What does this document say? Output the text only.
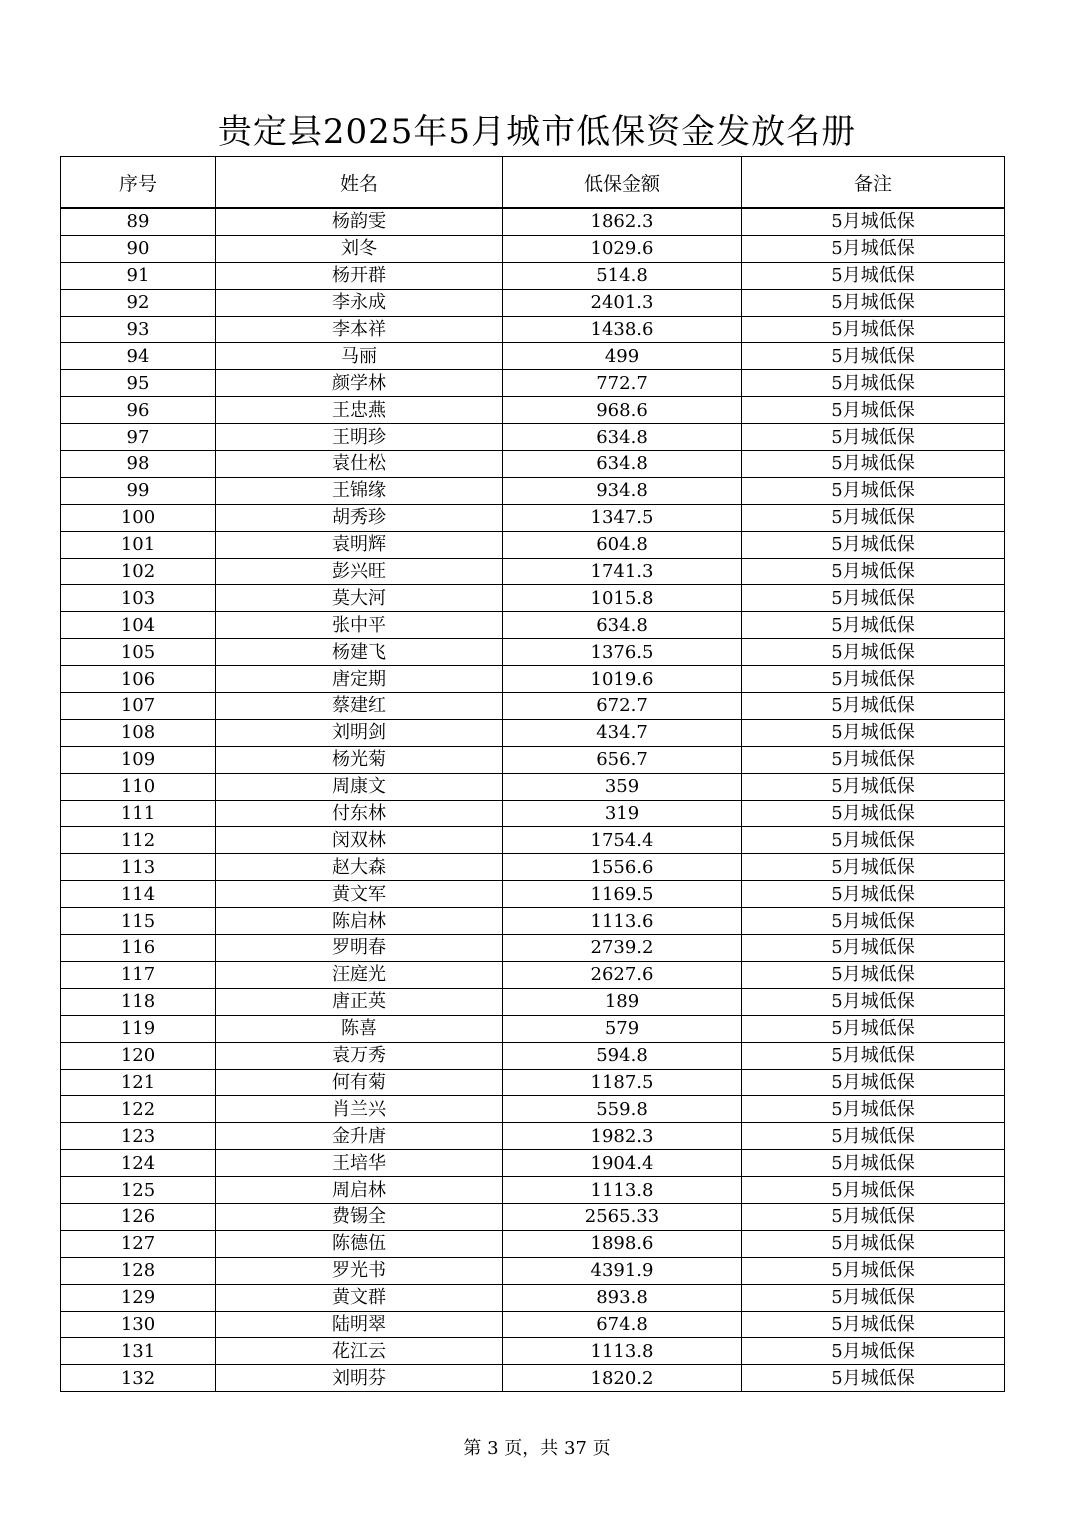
贵定县2025年5月城市低保资金发放名册
序号	姓名	低保金额	备注
89	杨韵雯	1862.3	5月城低保
90	刘冬	1029.6	5月城低保
91	杨开群	514.8	5月城低保
92	李永成	2401.3	5月城低保
93	李本祥	1438.6	5月城低保
94	马丽	499	5月城低保
95	颜学林	772.7	5月城低保
96	王忠燕	968.6	5月城低保
97	王明珍	634.8	5月城低保
98	袁仕松	634.8	5月城低保
99	王锦缘	934.8	5月城低保
100	胡秀珍	1347.5	5月城低保
101	袁明辉	604.8	5月城低保
102	彭兴旺	1741.3	5月城低保
103	莫大河	1015.8	5月城低保
104	张中平	634.8	5月城低保
105	杨建飞	1376.5	5月城低保
106	唐定期	1019.6	5月城低保
107	蔡建红	672.7	5月城低保
108	刘明剑	434.7	5月城低保
109	杨光菊	656.7	5月城低保
110	周康文	359	5月城低保
111	付东林	319	5月城低保
112	闵双林	1754.4	5月城低保
113	赵大森	1556.6	5月城低保
114	黄文军	1169.5	5月城低保
115	陈启林	1113.6	5月城低保
116	罗明春	2739.2	5月城低保
117	汪庭光	2627.6	5月城低保
118	唐正英	189	5月城低保
119	陈喜	579	5月城低保
120	袁万秀	594.8	5月城低保
121	何有菊	1187.5	5月城低保
122	肖兰兴	559.8	5月城低保
123	金升唐	1982.3	5月城低保
124	王培华	1904.4	5月城低保
125	周启林	1113.8	5月城低保
126	费锡全	2565.33	5月城低保
127	陈德伍	1898.6	5月城低保
128	罗光书	4391.9	5月城低保
129	黄文群	893.8	5月城低保
130	陆明翠	674.8	5月城低保
131	花江云	1113.8	5月城低保
132	刘明芬	1820.2	5月城低保
第 3 页，共 37 页
